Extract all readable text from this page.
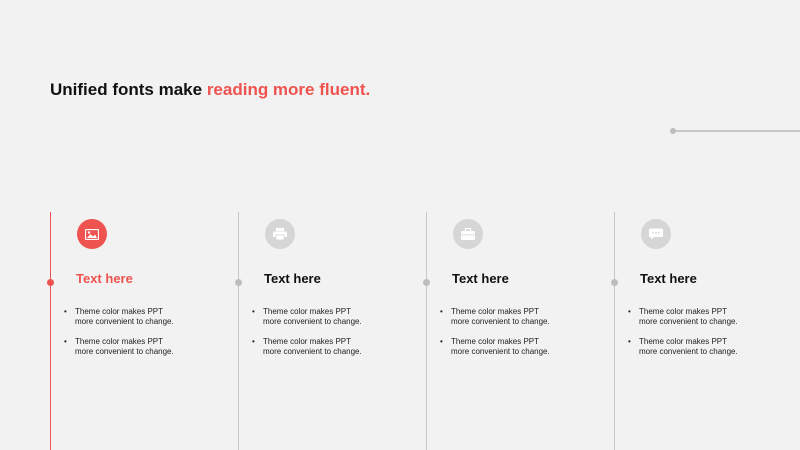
Unified fonts make reading more fluent.
Text here
• Theme color makes PPT more convenient to change.
• Theme color makes PPT more convenient to change.
Text here
• Theme color makes PPT more convenient to change.
• Theme color makes PPT more convenient to change.
Text here
• Theme color makes PPT more convenient to change.
• Theme color makes PPT more convenient to change.
Text here
• Theme color makes PPT more convenient to change.
• Theme color makes PPT more convenient to change.
